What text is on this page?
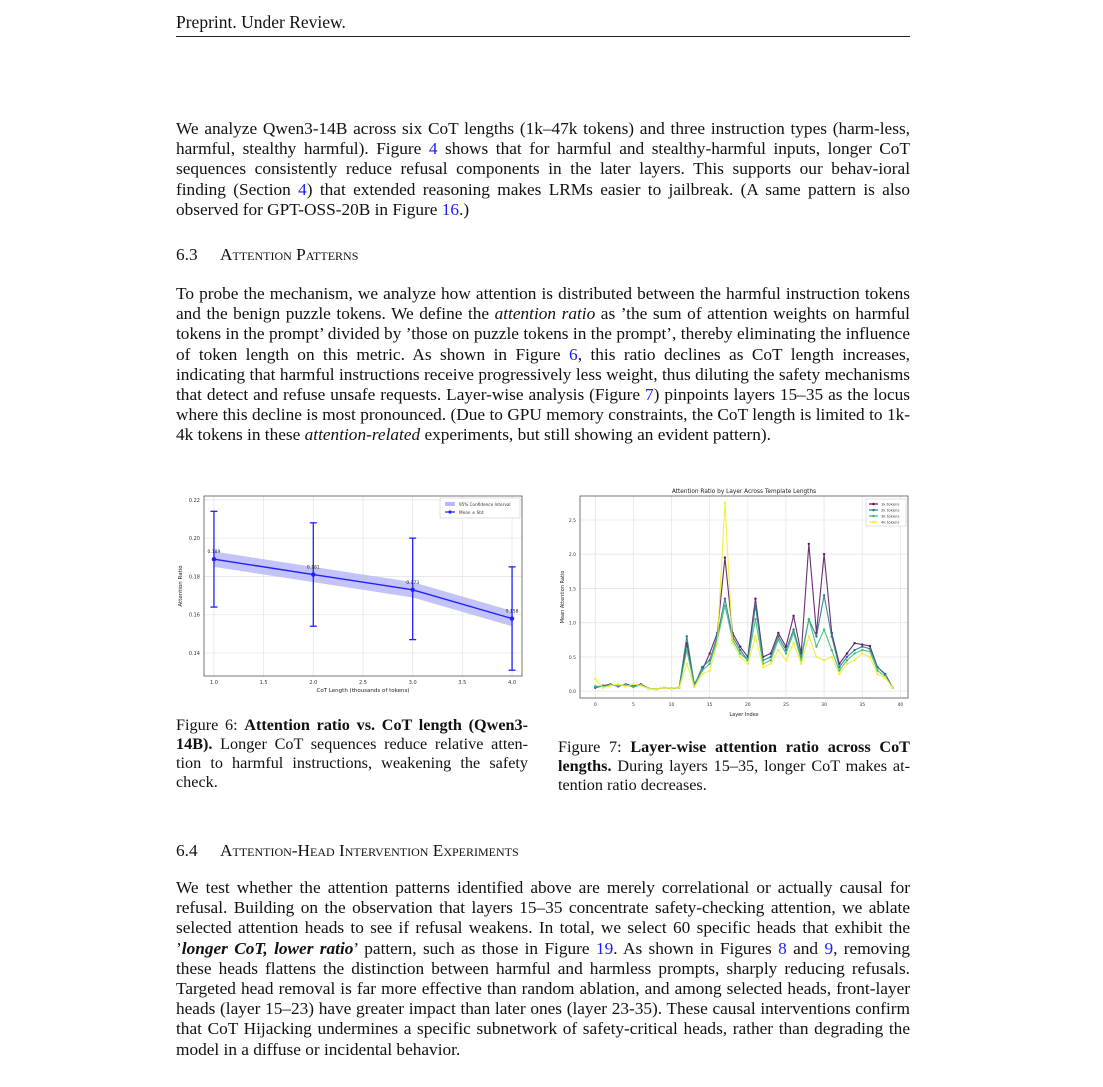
Preprint. Under Review.
We analyze Qwen3-14B across six CoT lengths (1k–47k tokens) and three instruction types (harm-less, harmful, stealthy harmful). Figure 4 shows that for harmful and stealthy-harmful inputs, longer CoT sequences consistently reduce refusal components in the later layers. This supports our behav-ioral finding (Section 4) that extended reasoning makes LRMs easier to jailbreak. (A same pattern is also observed for GPT-OSS-20B in Figure 16.)
6.3 Attention Patterns
To probe the mechanism, we analyze how attention is distributed between the harmful instruction tokens and the benign puzzle tokens. We define the attention ratio as ’the sum of attention weights on harmful tokens in the prompt’ divided by ’those on puzzle tokens in the prompt’, thereby eliminating the influence of token length on this metric. As shown in Figure 6, this ratio declines as CoT length increases, indicating that harmful instructions receive progressively less weight, thus diluting the safety mechanisms that detect and refuse unsafe requests. Layer-wise analysis (Figure 7) pinpoints layers 15–35 as the locus where this decline is most pronounced. (Due to GPU memory constraints, the CoT length is limited to 1k-4k tokens in these attention-related experiments, but still showing an evident pattern).
1.0	1.5	2.0	2.5	3.0	3.5	4.0
0.14
0.16
0.18
0.20
0.22
0.189
0.181
0.173
0.158
95% Confidence Interval
Mean ± Std
CoT Length (thousands of tokens)
Attention Ratio
Attention Ratio by Layer Across Template Lengths
0	5	10	15	20	25	30	35	40
0.0
0.5
1.0
1.5
2.0
2.5
1k tokens
2k tokens
3k tokens
4k tokens
Layer Index
Mean Attention Ratio
Figure 6: Attention ratio vs. CoT length (Qwen3-14B). Longer CoT sequences reduce relative atten-tion to harmful instructions, weakening the safety check.
Figure 7: Layer-wise attention ratio across CoT lengths. During layers 15–35, longer CoT makes at-tention ratio decreases.
6.4 Attention-Head Intervention Experiments
We test whether the attention patterns identified above are merely correlational or actually causal for refusal. Building on the observation that layers 15–35 concentrate safety-checking attention, we ablate selected attention heads to see if refusal weakens. In total, we select 60 specific heads that exhibit the ’longer CoT, lower ratio’ pattern, such as those in Figure 19. As shown in Figures 8 and 9, removing these heads flattens the distinction between harmful and harmless prompts, sharply reducing refusals. Targeted head removal is far more effective than random ablation, and among selected heads, front-layer heads (layer 15–23) have greater impact than later ones (layer 23-35). These causal interventions confirm that CoT Hijacking undermines a specific subnetwork of safety-critical heads, rather than degrading the model in a diffuse or incidental behavior.
